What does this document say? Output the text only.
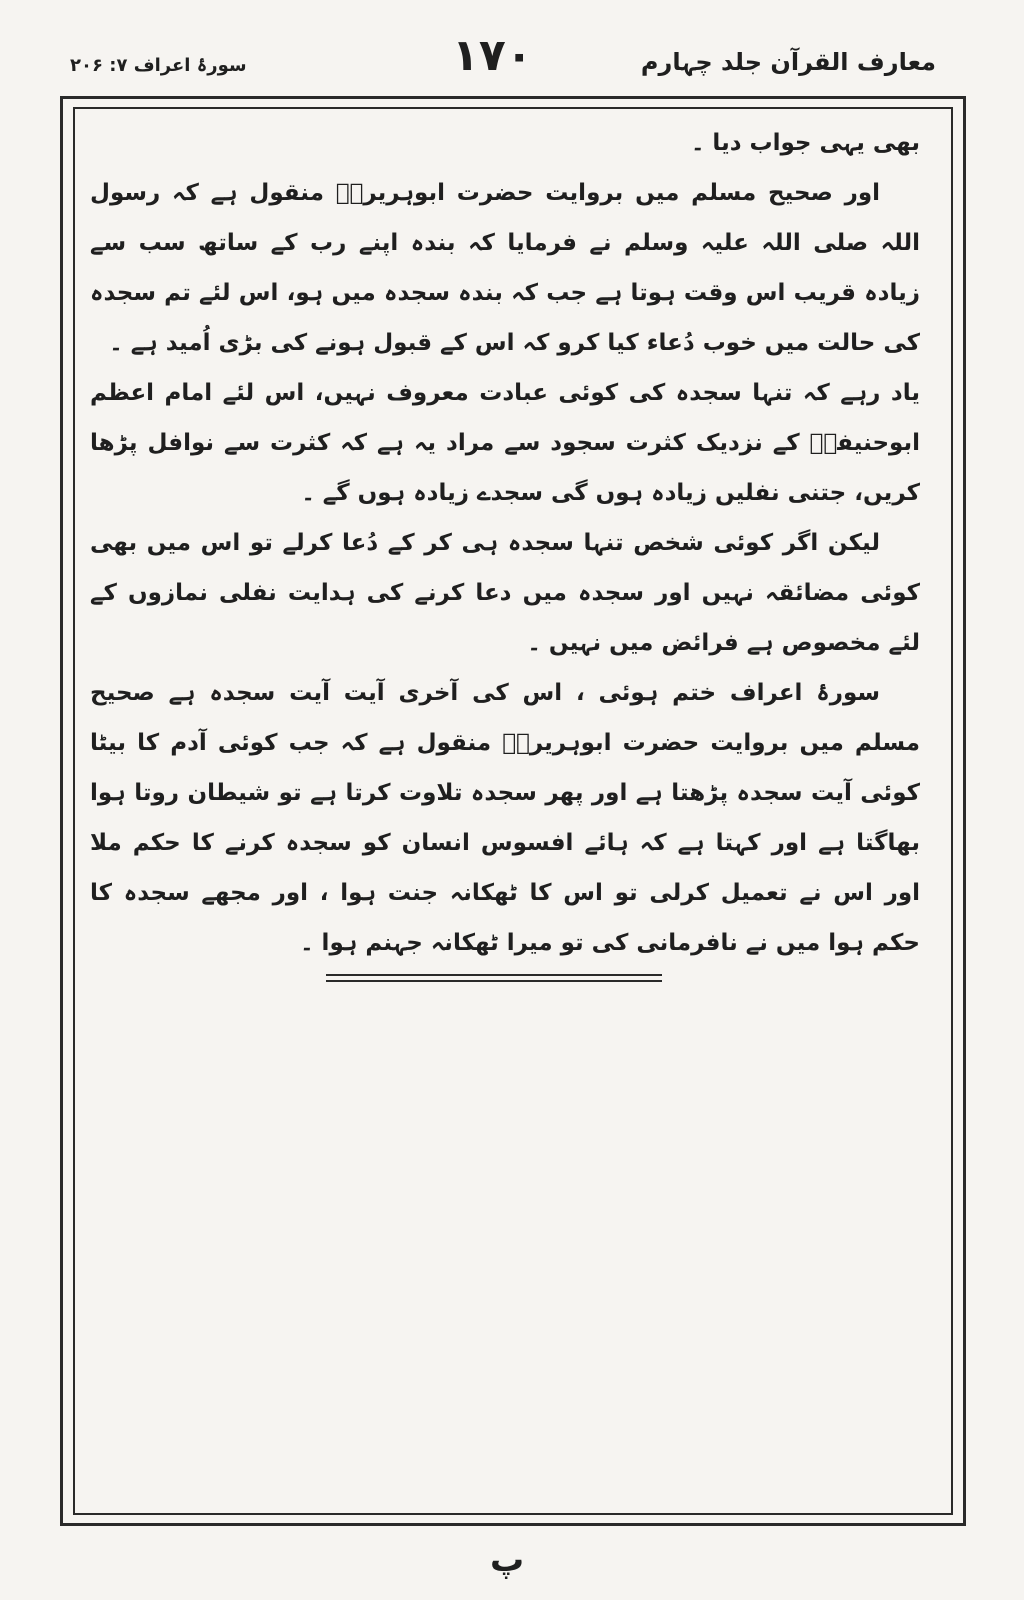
معارف القرآن جلد چہارم
١٧٠
سورۂ اعراف ۷: ۲۰۶

بھی یہی جواب دیا ۔

اور صحیح مسلم میں بروایت حضرت ابوہریرہؓ منقول ہے کہ رسول اللہ صلی اللہ علیہ وسلم نے فرمایا کہ بندہ اپنے رب کے ساتھ سب سے زیادہ قریب اس وقت ہوتا ہے جب کہ بندہ سجدہ میں ہو، اس لئے تم سجدہ کی حالت میں خوب دُعاء کیا کرو کہ اس کے قبول ہونے کی بڑی اُمید ہے ۔

یاد رہے کہ تنہا سجدہ کی کوئی عبادت معروف نہیں، اس لئے امام اعظم ابوحنیفہؒ کے نزدیک کثرت سجود سے مراد یہ ہے کہ کثرت سے نوافل پڑھا کریں، جتنی نفلیں زیادہ ہوں گی سجدے زیادہ ہوں گے ۔

لیکن اگر کوئی شخص تنہا سجدہ ہی کر کے دُعا کرلے تو اس میں بھی کوئی مضائقہ نہیں اور سجدہ میں دعا کرنے کی ہدایت نفلی نمازوں کے لئے مخصوص ہے فرائض میں نہیں ۔

سورۂ اعراف ختم ہوئی ، اس کی آخری آیت آیت سجدہ ہے صحیح مسلم میں بروایت حضرت ابوہریرہؓ منقول ہے کہ جب کوئی آدم کا بیٹا کوئی آیت سجدہ پڑھتا ہے اور پھر سجدہ تلاوت کرتا ہے تو شیطان روتا ہوا بھاگتا ہے اور کہتا ہے کہ ہائے افسوس انسان کو سجدہ کرنے کا حکم ملا اور اس نے تعمیل کرلی تو اس کا ٹھکانہ جنت ہوا ، اور مجھے سجدہ کا حکم ہوا میں نے نافرمانی کی تو میرا ٹھکانہ جہنم ہوا ۔

پ
